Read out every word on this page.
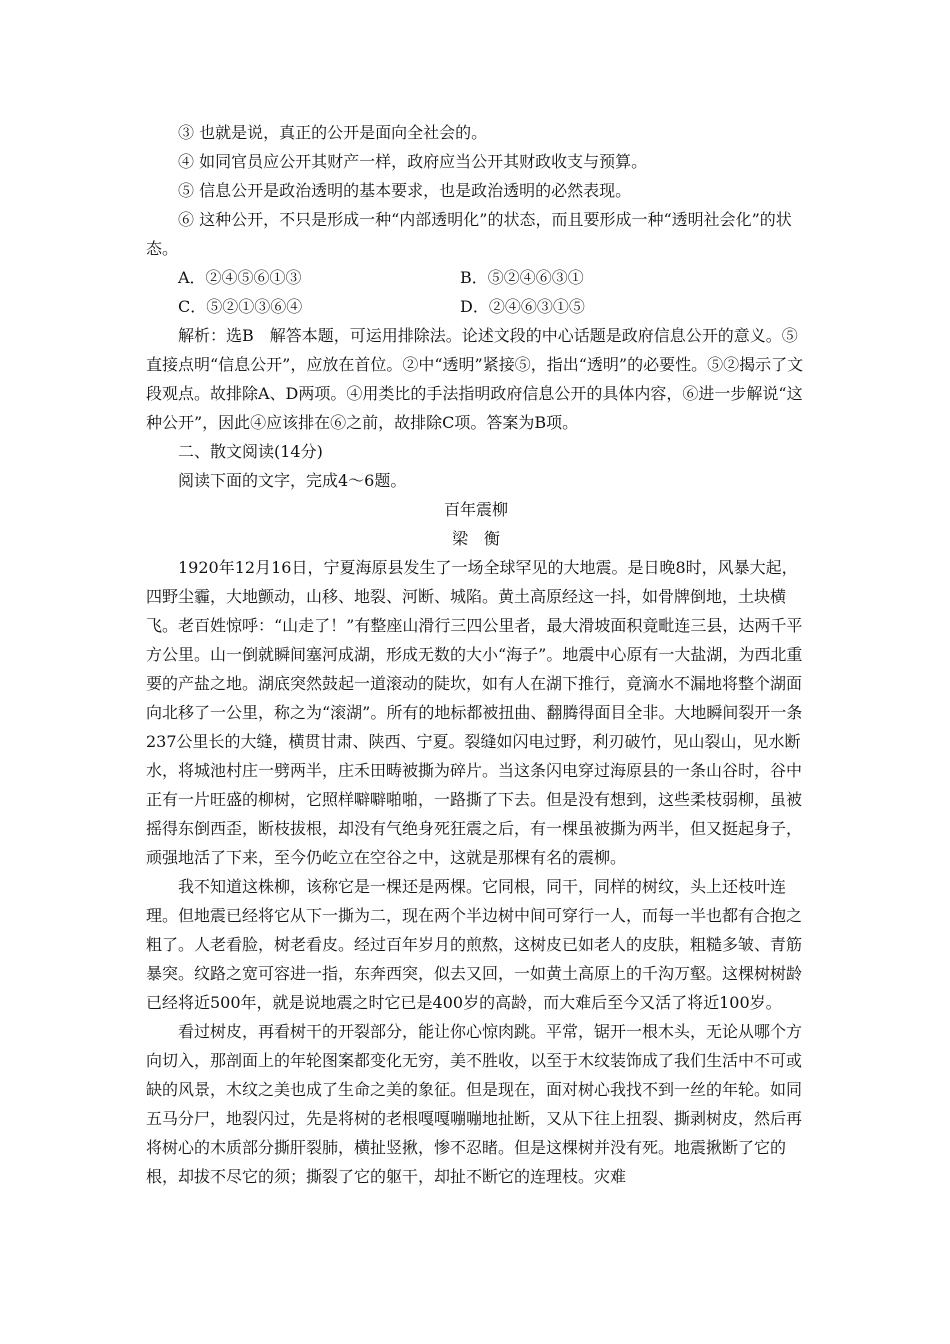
③ 也就是说，真正的公开是面向全社会的。

④ 如同官员应公开其财产一样，政府应当公开其财政收支与预算。

⑤ 信息公开是政治透明的基本要求，也是政治透明的必然表现。

⑥ 这种公开，不只是形成一种“内部透明化”的状态，而且要形成一种“透明社会化”的状态。

A．②④⑤⑥①③	B．⑤②④⑥③①
C．⑤②①③⑥④	D．②④⑥③①⑤

解析：选B　解答本题，可运用排除法。论述文段的中心话题是政府信息公开的意义。⑤直接点明“信息公开”，应放在首位。②中“透明”紧接⑤，指出“透明”的必要性。⑤②揭示了文段观点。故排除A、D两项。④用类比的手法指明政府信息公开的具体内容，⑥进一步解说“这种公开”，因此④应该排在⑥之前，故排除C项。答案为B项。

二、散文阅读(14分)

阅读下面的文字，完成4～6题。

百年震柳

梁衡

1920年12月16日，宁夏海原县发生了一场全球罕见的大地震。是日晚8时，风暴大起，四野尘霾，大地颤动，山移、地裂、河断、城陷。黄土高原经这一抖，如骨牌倒地，土块横飞。老百姓惊呼：“山走了！”有整座山滑行三四公里者，最大滑坡面积竟毗连三县，达两千平方公里。山一倒就瞬间塞河成湖，形成无数的大小“海子”。地震中心原有一大盐湖，为西北重要的产盐之地。湖底突然鼓起一道滚动的陡坎，如有人在湖下推行，竟滴水不漏地将整个湖面向北移了一公里，称之为“滚湖”。所有的地标都被扭曲、翻腾得面目全非。大地瞬间裂开一条237公里长的大缝，横贯甘肃、陕西、宁夏。裂缝如闪电过野，利刃破竹，见山裂山，见水断水，将城池村庄一劈两半，庄禾田畴被撕为碎片。当这条闪电穿过海原县的一条山谷时，谷中正有一片旺盛的柳树，它照样噼噼啪啪，一路撕了下去。但是没有想到，这些柔枝弱柳，虽被摇得东倒西歪，断枝拔根，却没有气绝身死狂震之后，有一棵虽被撕为两半，但又挺起身子，顽强地活了下来，至今仍屹立在空谷之中，这就是那棵有名的震柳。

我不知道这株柳，该称它是一棵还是两棵。它同根，同干，同样的树纹，头上还枝叶连理。但地震已经将它从下一撕为二，现在两个半边树中间可穿行一人，而每一半也都有合抱之粗了。人老看脸，树老看皮。经过百年岁月的煎熬，这树皮已如老人的皮肤，粗糙多皱、青筋暴突。纹路之宽可容进一指，东奔西突，似去又回，一如黄土高原上的千沟万壑。这棵树树龄已经将近500年，就是说地震之时它已是400岁的高龄，而大难后至今又活了将近100岁。

看过树皮，再看树干的开裂部分，能让你心惊肉跳。平常，锯开一根木头，无论从哪个方向切入，那剖面上的年轮图案都变化无穷，美不胜收，以至于木纹装饰成了我们生活中不可或缺的风景，木纹之美也成了生命之美的象征。但是现在，面对树心我找不到一丝的年轮。如同五马分尸，地裂闪过，先是将树的老根嘎嘎嘣嘣地扯断，又从下往上扭裂、撕剥树皮，然后再将树心的木质部分撕肝裂肺，横扯竖揪，惨不忍睹。但是这棵树并没有死。地震揪断了它的根，却拔不尽它的须；撕裂了它的躯干，却扯不断它的连理枝。灾难
